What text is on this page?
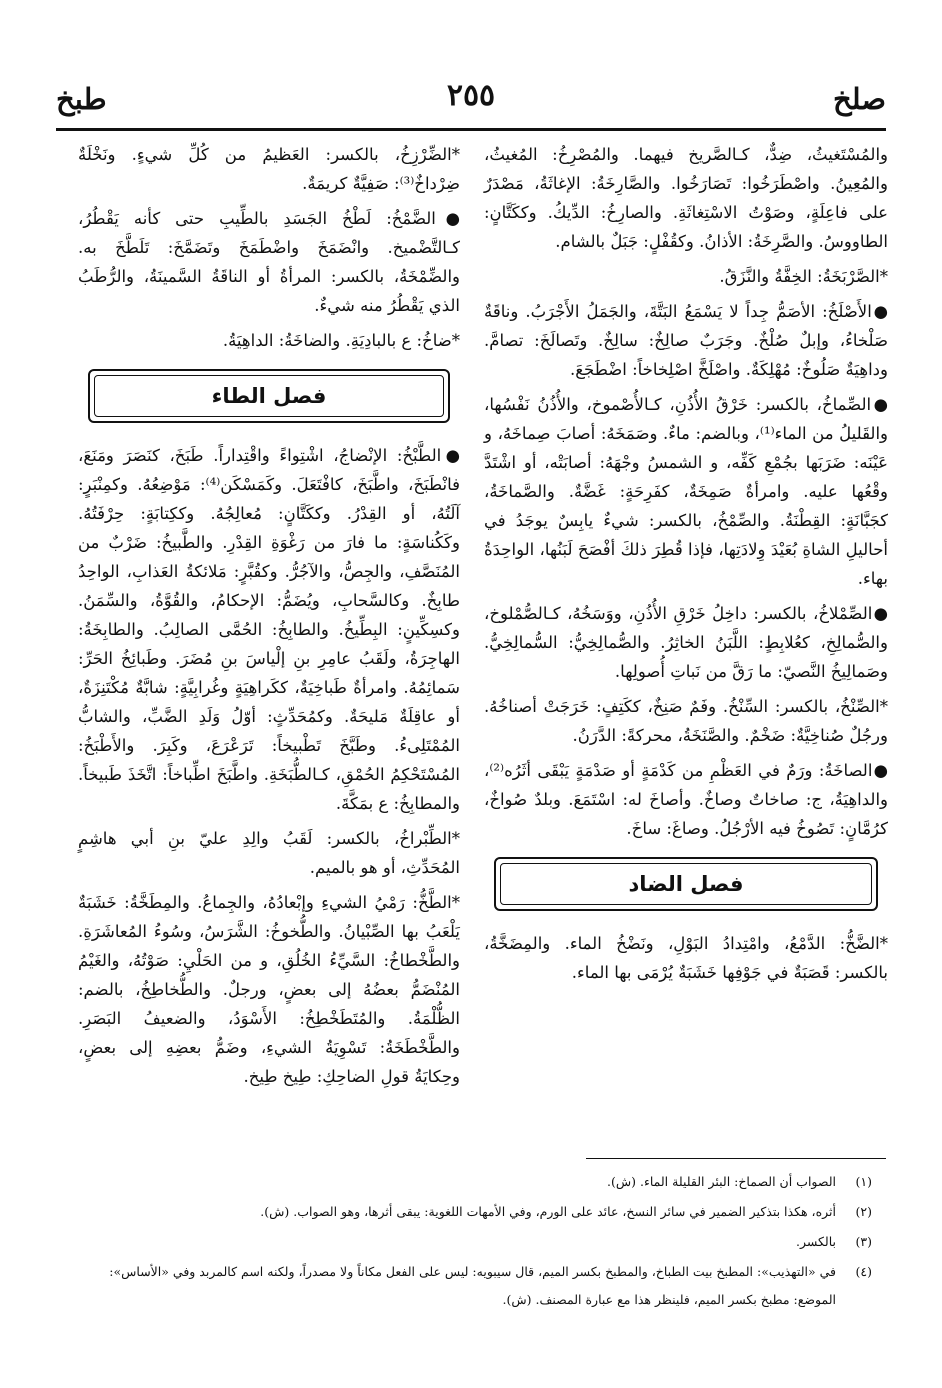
صلخ
٢٥٥
طبخ

والمُسْتَغيثُ، ضِدٌّ، كـالصَّريخ فيهما. والمُصْرِخُ: المُغيثُ، والمُعِينُ. واصْطَرَخُوا: تَصَارَخُوا. والصَّارِخَةُ: الإغاثَةُ، مَصْدَرٌ على فاعِلَةٍ، وصَوْتُ الاسْتِغاثَةِ. والصارِخُ: الدِّيكُ. وككَتَّانٍ: الطاووسُ. والصَّرِخَةُ: الأذانُ. وكقُفْلٍ: جَبَلٌ بالشام.

*الصَّرْبَخَةُ: الخِفَّةُ والنَّزَقُ.

●الأَصْلَخُ: الأصَمُّ جِداً لا يَسْمَعُ البَتَّةَ، والجَمَلُ الأَجْرَبُ. وناقَةٌ صَلْخاءُ، وإبلٌ صُلْخٌ. وجَرَبٌ صالِخٌ: سالِخٌ. وتَصالَخَ: تصامَّ. وداهِيَةٌ صَلُوخٌ: مُهْلِكَةٌ. واصْلَخَّ اصْلِخاخاً: اضْطَجَعَ.

●الصِّماخُ، بالكسر: خَرْقُ الأُذُنِ، كـالأُصْموخ، والأُذُنُ نَفْسُها، والقَليلُ من الماء⁽¹⁾، وبالضم: ماءٌ. وصَمَخَهُ: أصابَ صِماخَهُ، و عَيْنَه: ضَرَبَها بجُمْعِ كَفِّه، و الشمسُ وجْهَهُ: أصابَتْه، أو اشْتَدَّ وقْعُها عليه. وامرأةٌ صَمِخَةٌ، كفَرِحَةٍ: غَضَّةٌ. والصَّماخَةُ، كجَبَّانَةٍ: القِطْنَةُ. والصِّمْخُ، بالكسر: شيءٌ يابِسٌ يوجَدُ في أحاليلِ الشاةِ بُعَيْدَ وِلادَتِها، فإذا قُطِرَ ذلكَ أفْصَحَ لَبَنُها، الواحِدَةُ بهاء.

●الصِّمْلاخُ، بالكسر: داخِلُ خَرْقِ الأُذُنِ، ووَسَخُهُ، كـالصُّمْلوخ، والصُّمالِخِ، كعُلابِطٍ: اللَّبَنُ الخاثِرُ. والصُّمالِخِيُّ: السُّمالِخِيُّ. وصَمالِيخُ النَّصيّ: ما رَقَّ من نَباتِ أُصولِها.

*الصِّنْخُ، بالكسر: السِّنْخُ. وفَمٌ صَنِخٌ، ككَتِفٍ: خَرَجَتْ أصناخُهُ. ورجُلٌ صُناخِيَّةٌ: ضَخْمٌ. والصَّنَخَةُ، محركةً: الدَّرَنُ.

●الصاخَةُ: ورَمٌ في العَظْمِ من كَدْمَةٍ أو صَدْمَةٍ يَبْقَى أثَرُه⁽²⁾، والداهِيَةُ، ج: صاخاتٌ وصاخٌ. وأصاخَ له: اسْتَمَعَ. وبلدٌ صُواخٌ، كرُمَّانٍ: تَصُوخُ فيه الأرْجُلُ. وصاغَ: ساخَ.

فصل الضاد

*الضَّخُّ: الدَّمْعُ، وامْتِدادُ البَوْلِ، ونَضْخُ الماء. والمِضَخَّةُ، بالكسر: قَصَبَةٌ في جَوْفِها خَشَبَةٌ يُرْمَى بها الماء.

*الضِّرْزِخُ، بالكسر: العَظيمُ من كُلِّ شيءٍ. ونَخْلَةٌ ضِرْداخٌ⁽³⁾: صَفِيَّةٌ كريمَةٌ.

●الضَّمْخُ: لَطْخُ الجَسَدِ بالطِّيبِ حتى كأنه يَقْطُرُ، كـالتَّضْميخ. وانْضَمَخَ واضْطَمَخَ وتَضَمَّخَ: تَلَطَّخَ به. والضِّمْخَةُ، بالكسر: المرأةُ أو الناقَةُ السَّمينَةُ، والرُّطَبُ الذي يَقْطُرُ منه شيءٌ.

*ضاخُ: ع بالبادِيَةِ. والضاخَةُ: الداهِيَةُ.

فصل الطاء

●الطَّبْخُ: الإنْضاجُ، اشْتِواءً واقْتِداراً. طَبَخَ، كنَصَرَ ومَنَعَ، فانْطَبَخَ، واطَّبَخَ، كافْتَعَلَ. وكَمَسْكَن⁽⁴⁾: مَوْضِعُهُ. وكمِنْبَرٍ: آلَتُهُ، أو القِدْرُ. وككَتَّانٍ: مُعالِجُهُ. وككِتابَةٍ: حِرْفَتُهُ. وكَكُناسَةٍ: ما فارَ من رَغْوَةِ القِدْرِ. والطَّبيخُ: ضَرْبٌ من المُنَصَّفِ، والجِصُّ، والآجُرُّ. وكقُبَّرٍ: مَلائكةُ العَذابِ، الواحِدُ طابِخٌ. وكالسَّحابِ، ويُضَمُّ: الإحكامُ، والقُوَّةُ، والسِّمَنُ. وكسِكِّينٍ: البِطِّيخُ. والطابِخُ: الحُمَّى الصالِبُ. والطابِخَةُ: الهاجِرَةُ، ولَقَبُ عامِرِ بنِ إلْياسَ بنِ مُضَرَ. وطَبائِخُ الحَرِّ: سَمائِمُهُ. وامرأةٌ طَباخِيَةٌ، ككَراهِيَةٍ وغُرابِيَّةٍ: شابَّةٌ مُكْتَنِزَةٌ، أو عاقِلَةٌ مَليحَةٌ. وكمُحَدِّثٍ: أوّلُ وَلَدِ الضَّبِّ، والشابُّ المُمْتَلِىءُ. وطَبَّخَ تَطْبيخاً: تَرَعْرَعَ، وكَبِرَ. والأَطْبَخُ: المُسْتَحْكِمُ الحُمْقِ، كـالطُّبَخَةِ. واطَّبَخَ اطِّباخاً: اتَّخَذَ طَبيخاً. والمطابِخُ: ع بمَكَّةَ.

*الطِّبْراخُ، بالكسر: لَقَبُ والِدِ عليّ بنِ أبي هاشِمٍ المُحَدِّثِ، أو هو بالميم.

*الطَّخُّ: رَمْيُ الشيءِ وإبْعادُهُ، والجِماعُ. والمِطَخَّةُ: خَشَبَةٌ يَلْعَبُ بها الصِّبْيانُ. والطُّخوخُ: الشَّرَسُ، وسُوءُ المُعاشَرَةِ. والطَّخْطاخُ: السَّيِّءُ الخُلُقِ، و من الحَلْيِ: صَوْتُهُ، والغَيْمُ المُنْضَمُّ بعضُهُ إلى بعضٍ، ورجلٌ. والطُّخاطِخُ، بالضم: الظُّلْمَةُ. والمُتَطَخْطِخُ: الأَسْوَدُ، والضعيفُ البَصَرِ. والطَّخْطَخَةُ: تَسْوِيَةُ الشيءِ، وضَمُّ بعضِهِ إلى بعضٍ، وحِكايَةُ قولِ الضاحِكِ: طِيخ طِيخ.

(١)
الصواب أن الصماخ: البئر القليلة الماء. (ش).
(٢)
أثره، هكذا بتذكير الضمير في سائر النسخ، عائد على الورم، وفي الأمهات اللغوية: يبقى أثرها، وهو الصواب. (ش).
(٣)
بالكسر.
(٤)
في «التهذيب»: المطبخ بيت الطباخ، والمطبخ بكسر الميم، قال سيبويه: ليس على الفعل مكاناً ولا مصدراً، ولكنه اسم كالمربد وفي «الأساس»: الموضع: مطبخ بكسر الميم، فلينظر هذا مع عبارة المصنف. (ش).
